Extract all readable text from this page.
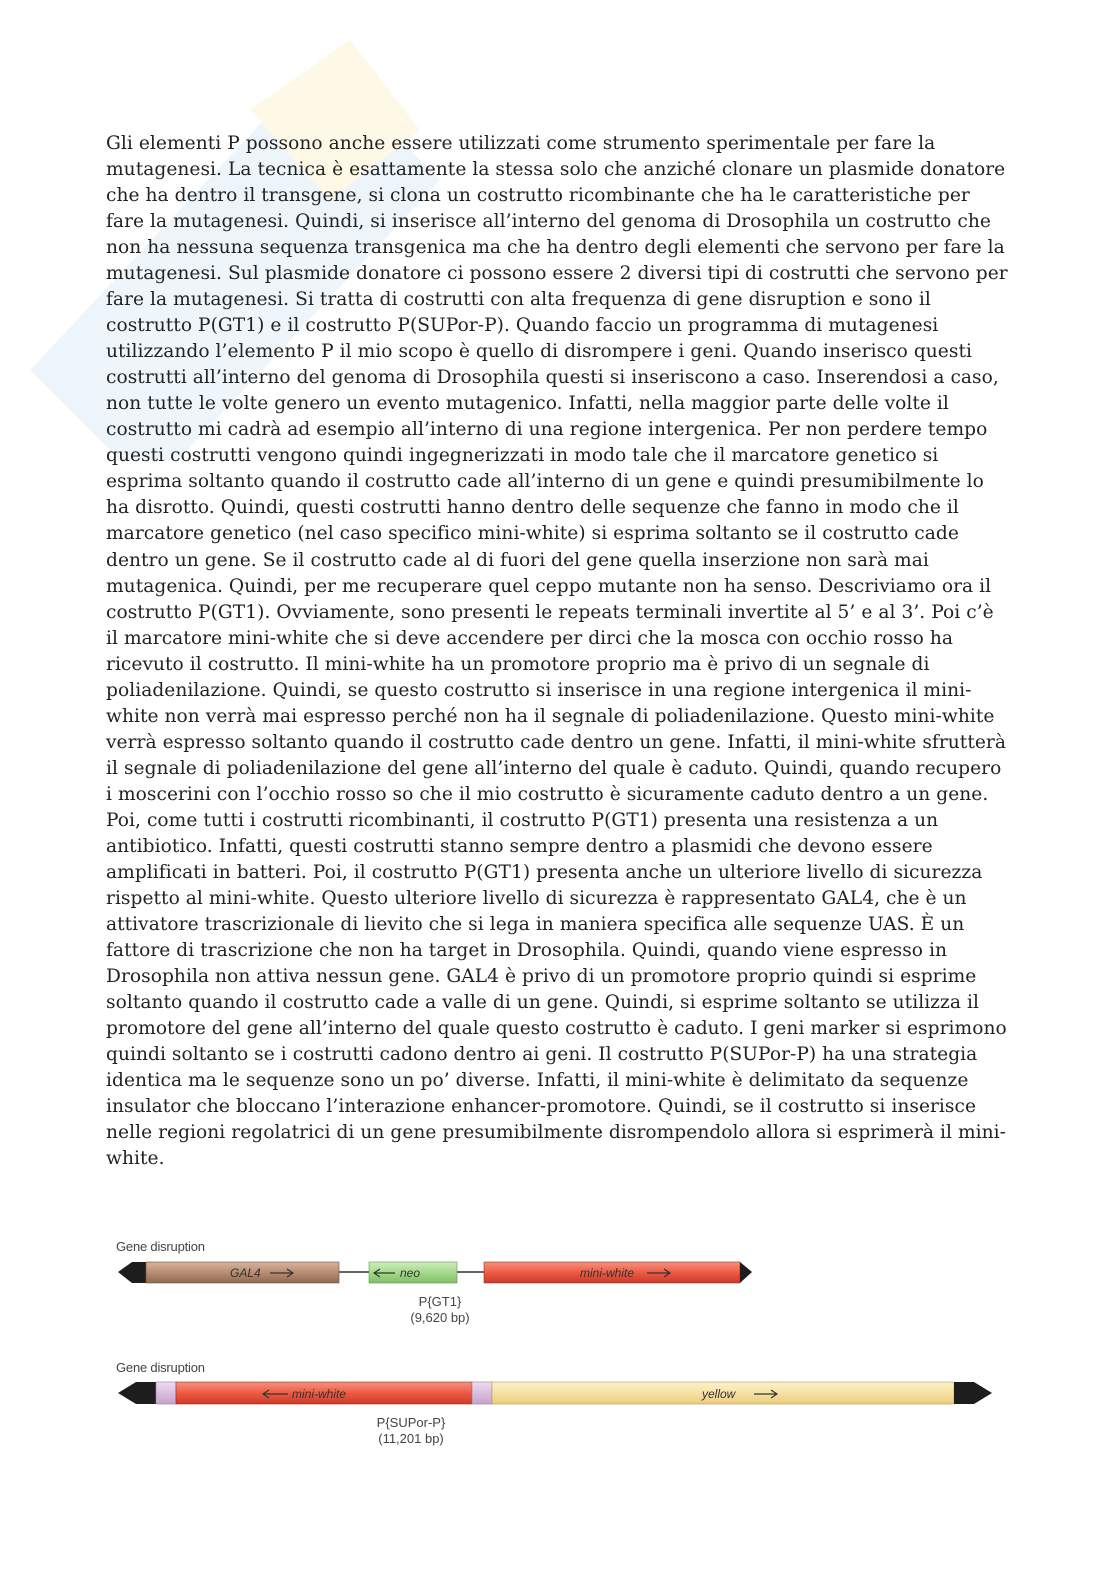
Gli elementi P possono anche essere utilizzati come strumento sperimentale per fare la mutagenesi. La tecnica è esattamente la stessa solo che anziché clonare un plasmide donatore che ha dentro il transgene, si clona un costrutto ricombinante che ha le caratteristiche per fare la mutagenesi. Quindi, si inserisce all’interno del genoma di Drosophila un costrutto che non ha nessuna sequenza transgenica ma che ha dentro degli elementi che servono per fare la mutagenesi. Sul plasmide donatore ci possono essere 2 diversi tipi di costrutti che servono per fare la mutagenesi. Si tratta di costrutti con alta frequenza di gene disruption e sono il costrutto P(GT1) e il costrutto P(SUPor-P). Quando faccio un programma di mutagenesi utilizzando l’elemento P il mio scopo è quello di disrompere i geni. Quando inserisco questi costrutti all’interno del genoma di Drosophila questi si inseriscono a caso. Inserendosi a caso, non tutte le volte genero un evento mutagenico. Infatti, nella maggior parte delle volte il costrutto mi cadrà ad esempio all’interno di una regione intergenica. Per non perdere tempo questi costrutti vengono quindi ingegnerizzati in modo tale che il marcatore genetico si esprima soltanto quando il costrutto cade all’interno di un gene e quindi presumibilmente lo ha disrotto. Quindi, questi costrutti hanno dentro delle sequenze che fanno in modo che il marcatore genetico (nel caso specifico mini-white) si esprima soltanto se il costrutto cade dentro un gene. Se il costrutto cade al di fuori del gene quella inserzione non sarà mai mutagenica. Quindi, per me recuperare quel ceppo mutante non ha senso. Descriviamo ora il costrutto P(GT1). Ovviamente, sono presenti le repeats terminali invertite al 5’ e al 3’. Poi c’è il marcatore mini-white che si deve accendere per dirci che la mosca con occhio rosso ha ricevuto il costrutto. Il mini-white ha un promotore proprio ma è privo di un segnale di poliadenilazione. Quindi, se questo costrutto si inserisce in una regione intergenica il mini-white non verrà mai espresso perché non ha il segnale di poliadenilazione. Questo mini-white verrà espresso soltanto quando il costrutto cade dentro un gene. Infatti, il mini-white sfrutterà il segnale di poliadenilazione del gene all’interno del quale è caduto. Quindi, quando recupero i moscerini con l’occhio rosso so che il mio costrutto è sicuramente caduto dentro a un gene. Poi, come tutti i costrutti ricombinanti, il costrutto P(GT1) presenta una resistenza a un antibiotico. Infatti, questi costrutti stanno sempre dentro a plasmidi che devono essere amplificati in batteri. Poi, il costrutto P(GT1) presenta anche un ulteriore livello di sicurezza rispetto al mini-white. Questo ulteriore livello di sicurezza è rappresentato GAL4, che è un attivatore trascrizionale di lievito che si lega in maniera specifica alle sequenze UAS. È un fattore di trascrizione che non ha target in Drosophila. Quindi, quando viene espresso in Drosophila non attiva nessun gene. GAL4 è privo di un promotore proprio quindi si esprime soltanto quando il costrutto cade a valle di un gene. Quindi, si esprime soltanto se utilizza il promotore del gene all’interno del quale questo costrutto è caduto. I geni marker si esprimono quindi soltanto se i costrutti cadono dentro ai geni. Il costrutto P(SUPor-P) ha una strategia identica ma le sequenze sono un po’ diverse. Infatti, il mini-white è delimitato da sequenze insulator che bloccano l’interazione enhancer-promotore. Quindi, se il costrutto si inserisce nelle regioni regolatrici di un gene presumibilmente disrompendolo allora si esprimerà il mini-white.

Gene disruption
GAL4	neo	mini-white
mini-white	yellow
P{GT1}
(9,620 bp)
Gene disruption
P{SUPor-P}
(11,201 bp)
